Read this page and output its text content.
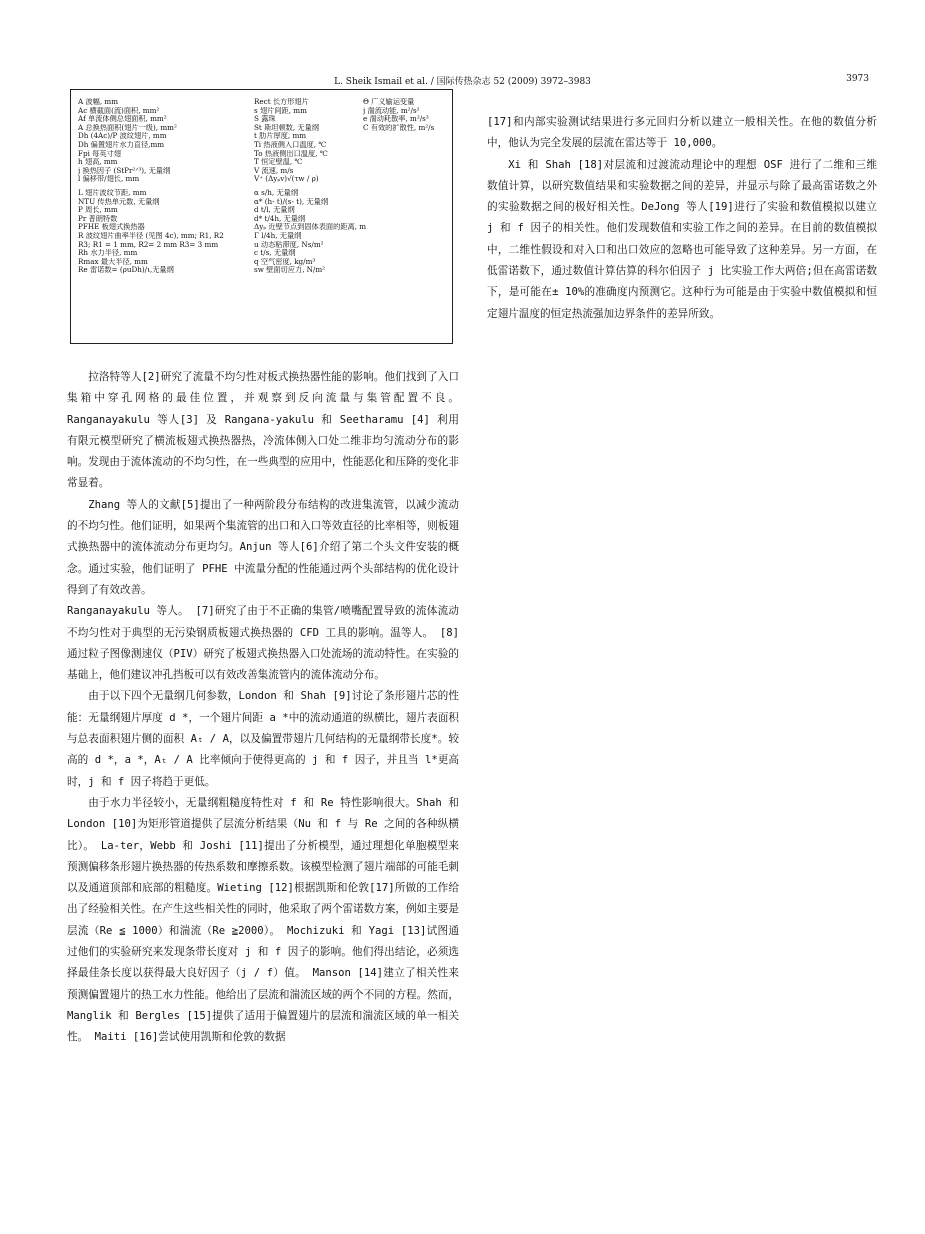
L. Sheik Ismail et al. / 国际传热杂志 52 (2009) 3972–3983	3973
A 波幅, mm
Ac 横截面(流)面积, mm²
Af 单流体侧总翅面积, mm²
A 总换热面积(翅片一级), mm²
Dh (4Ac)/P 波纹翅片, mm
Dh 偏置翅片水力直径,mm
Fpi 每英寸翅
h 翅高, mm
j 换热因子 (StPr²ᐟ³), 无量纲
l 偏移带/翅长, mm
L 翅片波纹节距, mm
NTU 传热单元数, 无量纲
P 周长, mm
Pr 普朗特数
PFHE 板翅式换热器
R 波纹翅片曲率半径 (见图 4c), mm; R1, R2
R3; R1 = 1 mm, R2= 2 mm R3= 3 mm
Rh 水力半径, mm
Rmax 最大半径, mm
Re 雷诺数= (ρuDh)/ι,无量纲
Rect 长方形翅片
s 翅片间距, mm
S 露珠
St 斯坦顿数, 无量纲
t 肋片厚度, mm
Ti 热液侧入口温度, ℃
To 热液侧出口温度, ℃
T 恒定壁温, ℃
V 流速, m/s
V⁺ (Δyₚv)√(τw / ρ)
α s/h, 无量纲
α* (h- t)/(s- t), 无量纲
d t/l, 无量纲
d* t/4h, 无量纲
Δyₚ 近壁节点到固体表面的距离, m
Γ l/4h, 无量纲
u 动态粘滞度, Ns/m²
c t/s, 无量纲
q 空气密度, kg/m³
sw 壁面切应力, N/m²
Θ 广义输运变量
j 湍流动能, m²/s²
e 湍动耗散率, m²/s³
C 有效的扩散性, m²/s

拉洛特等人[2]研究了流量不均匀性对板式换热器性能的影响。他们找到了入口集箱中穿孔网格的最佳位置，并观察到反向流量与集管配置不良。 Ranganayakulu 等人[3] 及 Rangana-yakulu 和 Seetharamu [4] 利用有限元模型研究了横流板翅式换热器热，冷流体侧入口处二维非均匀流动分布的影响。发现由于流体流动的不均匀性，在一些典型的应用中，性能恶化和压降的变化非常显着。

Zhang 等人的文献[5]提出了一种两阶段分布结构的改进集流管，以减少流动的不均匀性。他们证明，如果两个集流管的出口和入口等效直径的比率相等，则板翅式换热器中的流体流动分布更均匀。Anjun 等人[6]介绍了第二个头文件安装的概念。通过实验，他们证明了 PFHE 中流量分配的性能通过两个头部结构的优化设计得到了有效改善。

Ranganayakulu 等人。 [7]研究了由于不正确的集管/喷嘴配置导致的流体流动不均匀性对于典型的无污染钢质板翅式换热器的 CFD 工具的影响。温等人。 [8]通过粒子图像测速仪（PIV）研究了板翅式换热器入口处流场的流动特性。在实验的基础上，他们建议冲孔挡板可以有效改善集流管内的流体流动分布。

由于以下四个无量纲几何参数，London 和 Shah [9]讨论了条形翅片芯的性能：无量纲翅片厚度 d *，一个翅片间距 a *中的流动通道的纵横比，翅片表面积与总表面积翅片侧的面积 Aₜ / A，以及偏置带翅片几何结构的无量纲带长度*。较高的 d *，a *，Aₜ / A 比率倾向于使得更高的 j 和 f 因子，并且当 l*更高时，j 和 f 因子将趋于更低。

由于水力半径较小，无量纲粗糙度特性对 f 和 Re 特性影响很大。Shah 和 London [10]为矩形管道提供了层流分析结果（Nu 和 f 与 Re 之间的各种纵横比）。 La-ter，Webb 和 Joshi [11]提出了分析模型，通过理想化单胞模型来预测偏移条形翅片换热器的传热系数和摩擦系数。该模型检测了翅片端部的可能毛刺以及通道顶部和底部的粗糙度。Wieting [12]根据凯斯和伦敦[17]所做的工作给出了经验相关性。在产生这些相关性的同时，他采取了两个雷诺数方案，例如主要是层流（Re ≦ 1000）和湍流（Re ≧2000）。 Mochizuki 和 Yagi [13]试图通过他们的实验研究来发现条带长度对 j 和 f 因子的影响。他们得出结论，必须选择最佳条长度以获得最大良好因子（j / f）值。 Manson [14]建立了相关性来预测偏置翅片的热工水力性能。他给出了层流和湍流区域的两个不同的方程。然而，Manglik 和 Bergles [15]提供了适用于偏置翅片的层流和湍流区域的单一相关性。 Maiti [16]尝试使用凯斯和伦敦的数据

[17]和内部实验测试结果进行多元回归分析以建立一般相关性。在他的数值分析中，他认为完全发展的层流在雷达等于 10,000。

Xi 和 Shah [18]对层流和过渡流动理论中的理想 OSF 进行了二维和三维数值计算，以研究数值结果和实验数据之间的差异，并显示与除了最高雷诺数之外的实验数据之间的极好相关性。DeJong 等人[19]进行了实验和数值模拟以建立 j 和 f 因子的相关性。他们发现数值和实验工作之间的差异。在目前的数值模拟中，二维性假设和对入口和出口效应的忽略也可能导致了这种差异。另一方面，在低雷诺数下，通过数值计算估算的科尔伯因子 j 比实验工作大两倍;但在高雷诺数下，是可能在± 10%的准确度内预测它。这种行为可能是由于实验中数值模拟和恒定翅片温度的恒定热流强加边界条件的差异所致。
